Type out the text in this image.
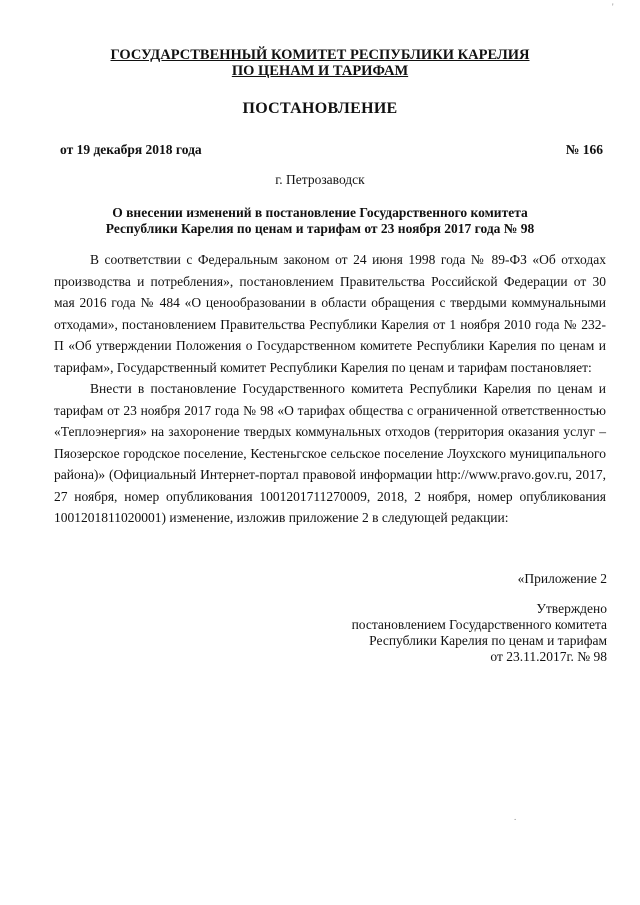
ГОСУДАРСТВЕННЫЙ КОМИТЕТ РЕСПУБЛИКИ КАРЕЛИЯ
ПО ЦЕНАМ И ТАРИФАМ
ПОСТАНОВЛЕНИЕ
от 19 декабря 2018 года	№ 166
г. Петрозаводск
О внесении изменений в постановление Государственного комитета
Республики Карелия по ценам и тарифам от 23 ноября 2017 года № 98

В соответствии с Федеральным законом от 24 июня 1998 года № 89-ФЗ «Об отходах производства и потребления», постановлением Правительства Российской Федерации от 30 мая 2016 года № 484 «О ценообразовании в области обращения с твердыми коммунальными отходами», постановлением Правительства Республики Карелия от 1 ноября 2010 года № 232-П «Об утверждении Положения о Государственном комитете Республики Карелия по ценам и тарифам», Государственный комитет Республики Карелия по ценам и тарифам постановляет:

Внести в постановление Государственного комитета Республики Карелия по ценам и тарифам от 23 ноября 2017 года № 98 «О тарифах общества с ограниченной ответственностью «Теплоэнергия» на захоронение твердых коммунальных отходов (территория оказания услуг – Пяозерское городское поселение, Кестеньгское сельское поселение Лоухского муниципального района)» (Официальный Интернет-портал правовой информации http://www.pravo.gov.ru, 2017, 27 ноября, номер опубликования 1001201711270009, 2018, 2 ноября, номер опубликования 1001201811020001) изменение, изложив приложение 2 в следующей редакции:

«Приложение 2
Утверждено
постановлением Государственного комитета
Республики Карелия по ценам и тарифам
от 23.11.2017г. № 98
'
.
